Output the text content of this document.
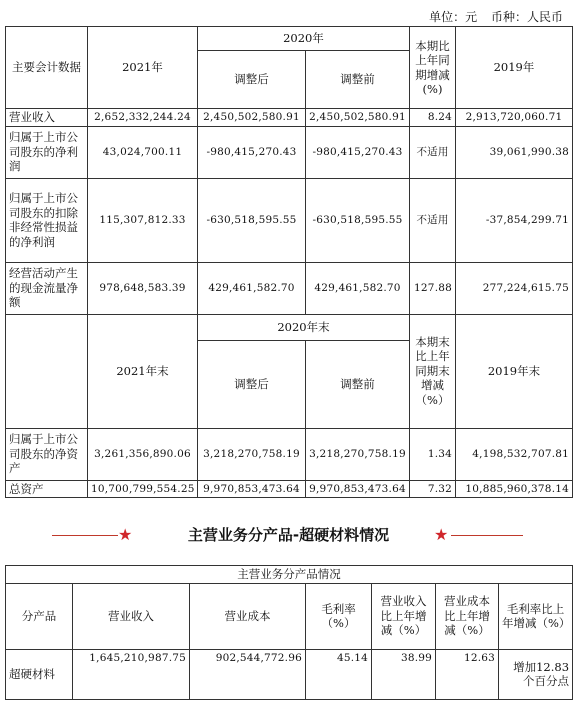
单位：元 币种：人民币
主要会计数据	2021年	2020年		本期比上年同期增减(%)	2019年
		调整后	调整前		
营业收入	2,652,332,244.24	2,450,502,580.91	2,450,502,580.91	8.24	2,913,720,060.71
归属于上市公司股东的净利润	43,024,700.11	-980,415,270.43	-980,415,270.43	不适用	39,061,990.38
归属于上市公司股东的扣除非经常性损益的净利润	115,307,812.33	-630,518,595.55	-630,518,595.55	不适用	-37,854,299.71
经营活动产生的现金流量净额	978,648,583.39	429,461,582.70	429,461,582.70	127.88	277,224,615.75
	2021年末	2020年末		本期末比上年同期末增减（%）	2019年末
		调整后	调整前		
归属于上市公司股东的净资产	3,261,356,890.06	3,218,270,758.19	3,218,270,758.19	1.34	4,198,532,707.81
总资产	10,700,799,554.25	9,970,853,473.64	9,970,853,473.64	7.32	10,885,960,378.14
★	主营业务分产品-超硬材料情况	★
主营业务分产品情况						
分产品	营业收入	营业成本	毛利率（%）	营业收入比上年增减（%）	营业成本比上年增减（%）	毛利率比上年增减（%）
超硬材料	1,645,210,987.75	902,544,772.96	45.14	38.99	12.63	增加12.83个百分点
